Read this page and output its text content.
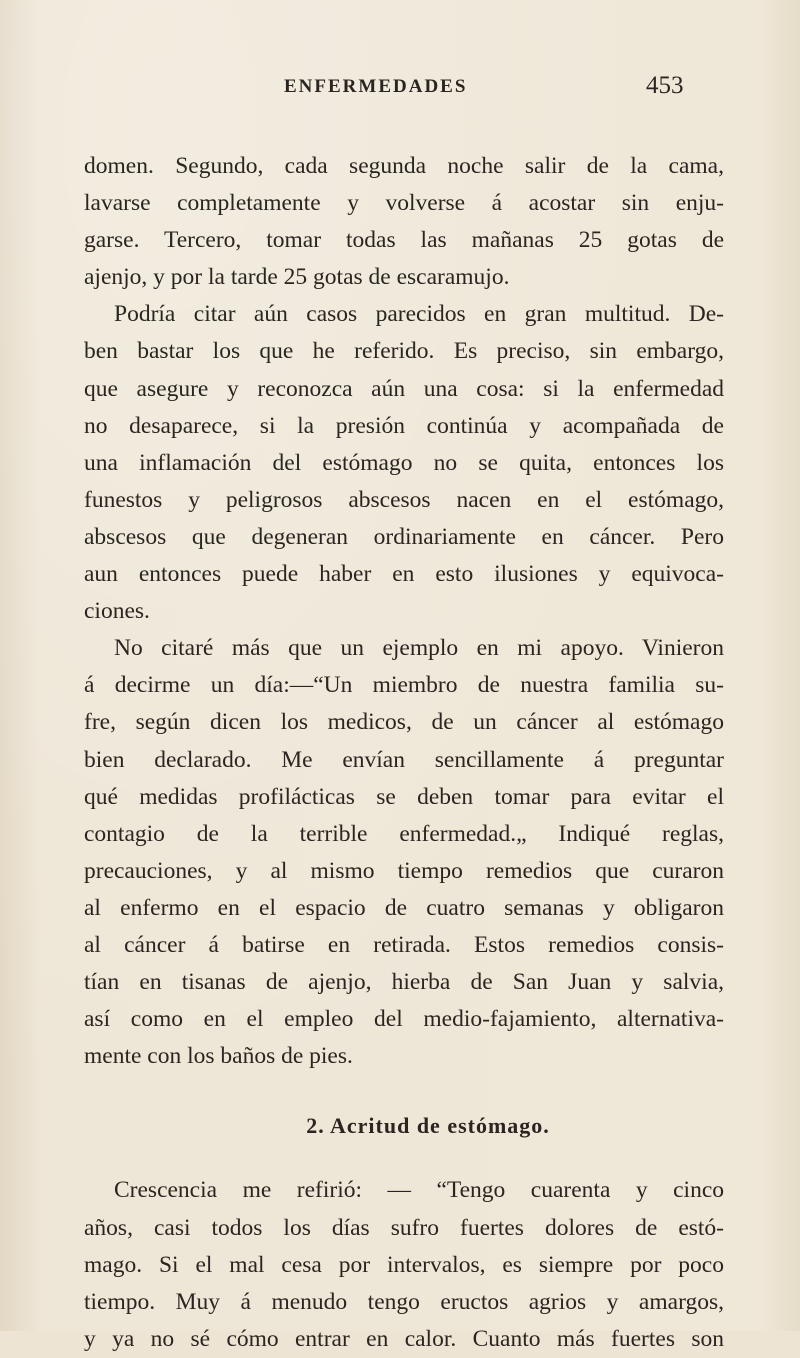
ENFERMEDADES	453
domen. Segundo, cada segunda noche salir de la cama,
lavarse completamente y volverse á acostar sin enju-
garse. Tercero, tomar todas las mañanas 25 gotas de
ajenjo, y por la tarde 25 gotas de escaramujo.
Podría citar aún casos parecidos en gran multitud. De-
ben bastar los que he referido. Es preciso, sin embargo,
que asegure y reconozca aún una cosa: si la enfermedad
no desaparece, si la presión continúa y acompañada de
una inflamación del estómago no se quita, entonces los
funestos y peligrosos abscesos nacen en el estómago,
abscesos que degeneran ordinariamente en cáncer. Pero
aun entonces puede haber en esto ilusiones y equivoca-
ciones.
No citaré más que un ejemplo en mi apoyo. Vinieron
á decirme un día:—“Un miembro de nuestra familia su-
fre, según dicen los medicos, de un cáncer al estómago
bien declarado. Me envían sencillamente á preguntar
qué medidas profilácticas se deben tomar para evitar el
contagio de la terrible enfermedad.„ Indiqué reglas,
precauciones, y al mismo tiempo remedios que curaron
al enfermo en el espacio de cuatro semanas y obligaron
al cáncer á batirse en retirada. Estos remedios consis-
tían en tisanas de ajenjo, hierba de San Juan y salvia,
así como en el empleo del medio-fajamiento, alternativa-
mente con los baños de pies.
2. Acritud de estómago.
Crescencia me refirió: — “Tengo cuarenta y cinco
años, casi todos los días sufro fuertes dolores de estó-
mago. Si el mal cesa por intervalos, es siempre por poco
tiempo. Muy á menudo tengo eructos agrios y amargos,
y ya no sé cómo entrar en calor. Cuanto más fuertes son
